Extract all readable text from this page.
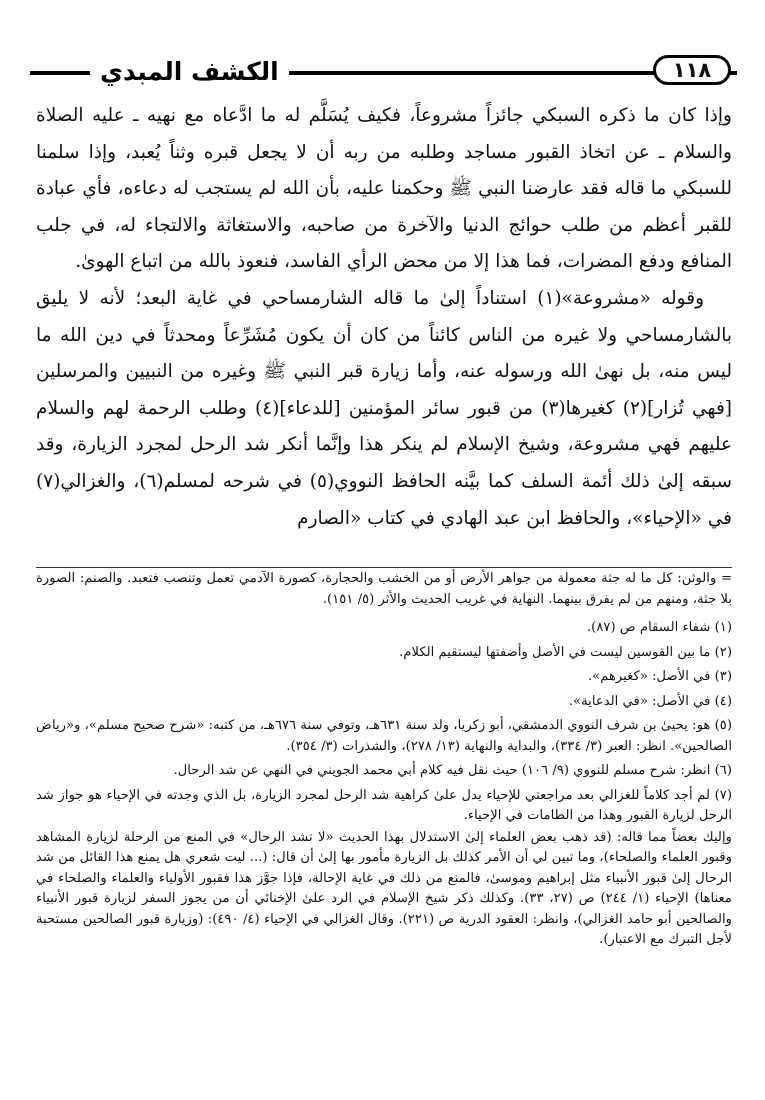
الكشف المبدي	١١٨

وإذا كان ما ذكره السبكي جائزاً مشروعاً، فكيف يُسَلَّم له ما ادَّعاه مع نهيه ـ عليه الصلاة والسلام ـ عن اتخاذ القبور مساجد وطلبه من ربه أن لا يجعل قبره وثناً يُعبد، وإذا سلمنا للسبكي ما قاله فقد عارضنا النبي ﷺ وحكمنا عليه، بأن الله لم يستجب له دعاءه، فأي عبادة للقبر أعظم من طلب حوائج الدنيا والآخرة من صاحبه، والاستغاثة والالتجاء له، في جلب المنافع ودفع المضرات، فما هذا إلا من محض الرأي الفاسد، فنعوذ بالله من اتباع الهوىٰ.

وقوله «مشروعة»(١) استناداً إلىٰ ما قاله الشارمساحي في غاية البعد؛ لأنه لا يليق بالشارمساحي ولا غيره من الناس كائناً من كان أن يكون مُشَرِّعاً ومحدثاً في دين الله ما ليس منه، بل نهىٰ الله ورسوله عنه، وأما زيارة قبر النبي ﷺ وغيره من النبيين والمرسلين [فهي تُزار](٢) كغيرها(٣) من قبور سائر المؤمنين [للدعاء](٤) وطلب الرحمة لهم والسلام عليهم فهي مشروعة، وشيخ الإسلام لم ينكر هذا وإنَّما أنكر شد الرحل لمجرد الزيارة، وقد سبقه إلىٰ ذلك أئمة السلف كما بيَّنه الحافظ النووي(٥) في شرحه لمسلم(٦)، والغزالي(٧) في «الإحياء»، والحافظ ابن عبد الهادي في كتاب «الصارم

= والوثن: كل ما له جثة معمولة من جواهر الأرض أو من الخشب والحجارة، كصورة الآدمي تعمل وتنصب فتعبد. والصنم: الصورة بلا جثة، ومنهم من لم يفرق بينهما. النهاية في غريب الحديث والأثر (٥/ ١٥١).

(١) شفاء السقام ص (٨٧).

(٢) ما بين القوسين ليست في الأصل وأضفتها ليستقيم الكلام.

(٣) في الأصل: «كغيرهم».

(٤) في الأصل: «في الدعاية».

(٥) هو: يحيىٰ بن شرف النووي الدمشقي، أبو زكريا، ولد سنة ٦٣١هـ، وتوفي سنة ٦٧٦هـ، من كتبه: «شرح صحيح مسلم»، و«رياض الصالحين». انظر: العبر (٣/ ٣٣٤)، والبداية والنهاية (١٣/ ٢٧٨)، والشذرات (٣/ ٣٥٤).

(٦) انظر: شرح مسلم للنووي (٩/ ١٠٦) حيث نقل فيه كلام أبي محمد الجويني في النهي عن شد الرحال.

(٧) لم أجد كلاماً للغزالي بعد مراجعتي للإحياء يدل علىٰ كراهية شد الرحل لمجرد الزيارة، بل الذي وجدته في الإحياء هو جواز شد الرحل لزيارة القبور وهذا من الطامات في الإحياء.

وإليك بعضاً مما قاله: (قد ذهب بعض العلماء إلىٰ الاستدلال بهذا الحديث «لا تشد الرحال» في المنع من الرحلة لزيارة المشاهد وقبور العلماء والصلحاء)، وما تبين لي أن الأمر كذلك بل الزيارة مأمور بها إلىٰ أن قال: (... ليت شعري هل يمنع هذا القائل من شد الرحال إلىٰ قبور الأنبياء مثل إبراهيم وموسىٰ، فالمنع من ذلك في غاية الإحالة، فإذا جوَّز هذا فقبور الأولياء والعلماء والصلحاء في معناها) الإحياء (١/ ٢٤٤) ص (٢٧، ٣٣). وكذلك ذكر شيخ الإسلام في الرد علىٰ الإخنائي أن من يجوز السفر لزيارة قبور الأنبياء والصالحين أبو حامد الغزالي)، وانظر: العقود الدرية ص (٢٢١). وقال الغزالي في الإحياء (٤/ ٤٩٠): (وزيارة قبور الصالحين مستحبة لأجل التبرك مع الاعتبار).
